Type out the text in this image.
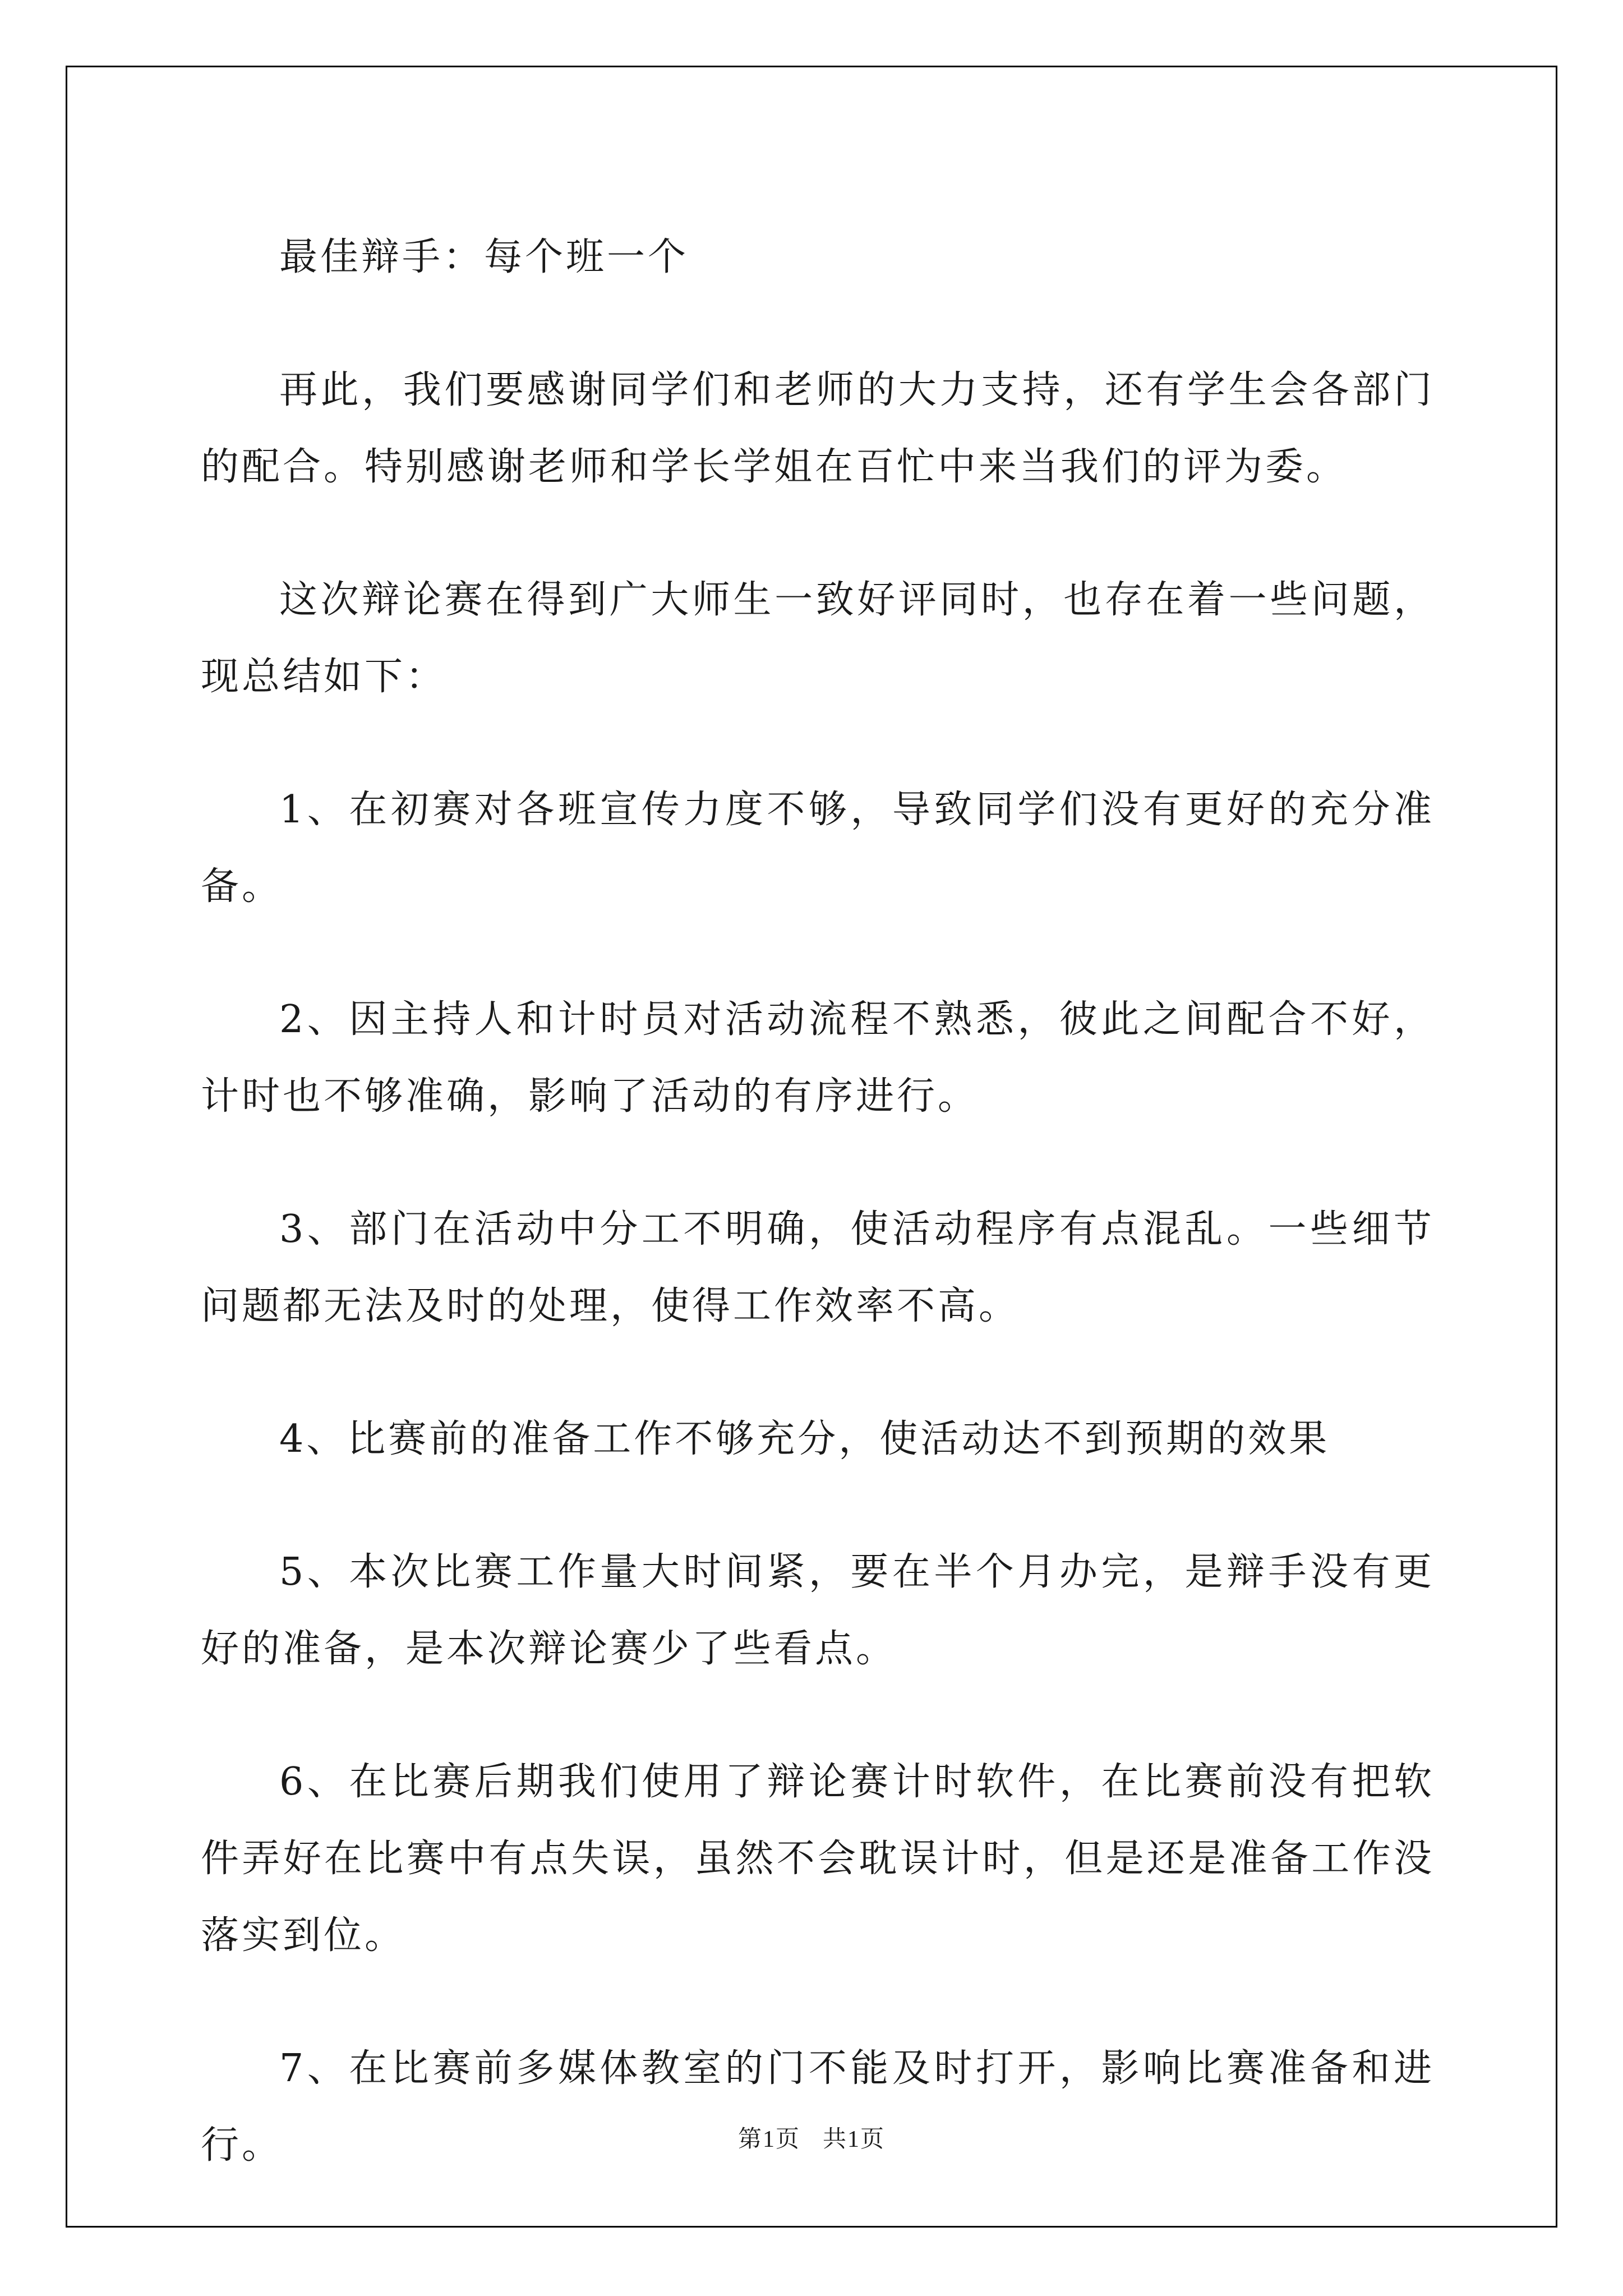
最佳辩手：每个班一个

再此，我们要感谢同学们和老师的大力支持，还有学生会各部门的配合。特别感谢老师和学长学姐在百忙中来当我们的评为委。

这次辩论赛在得到广大师生一致好评同时，也存在着一些问题，现总结如下：

1、在初赛对各班宣传力度不够，导致同学们没有更好的充分准备。

2、因主持人和计时员对活动流程不熟悉，彼此之间配合不好，计时也不够准确，影响了活动的有序进行。

3、部门在活动中分工不明确，使活动程序有点混乱。一些细节问题都无法及时的处理，使得工作效率不高。

4、比赛前的准备工作不够充分，使活动达不到预期的效果

5、本次比赛工作量大时间紧，要在半个月办完，是辩手没有更好的准备，是本次辩论赛少了些看点。

6、在比赛后期我们使用了辩论赛计时软件，在比赛前没有把软件弄好在比赛中有点失误，虽然不会耽误计时，但是还是准备工作没落实到位。

7、在比赛前多媒体教室的门不能及时打开，影响比赛准备和进行。	第1页 共1页
